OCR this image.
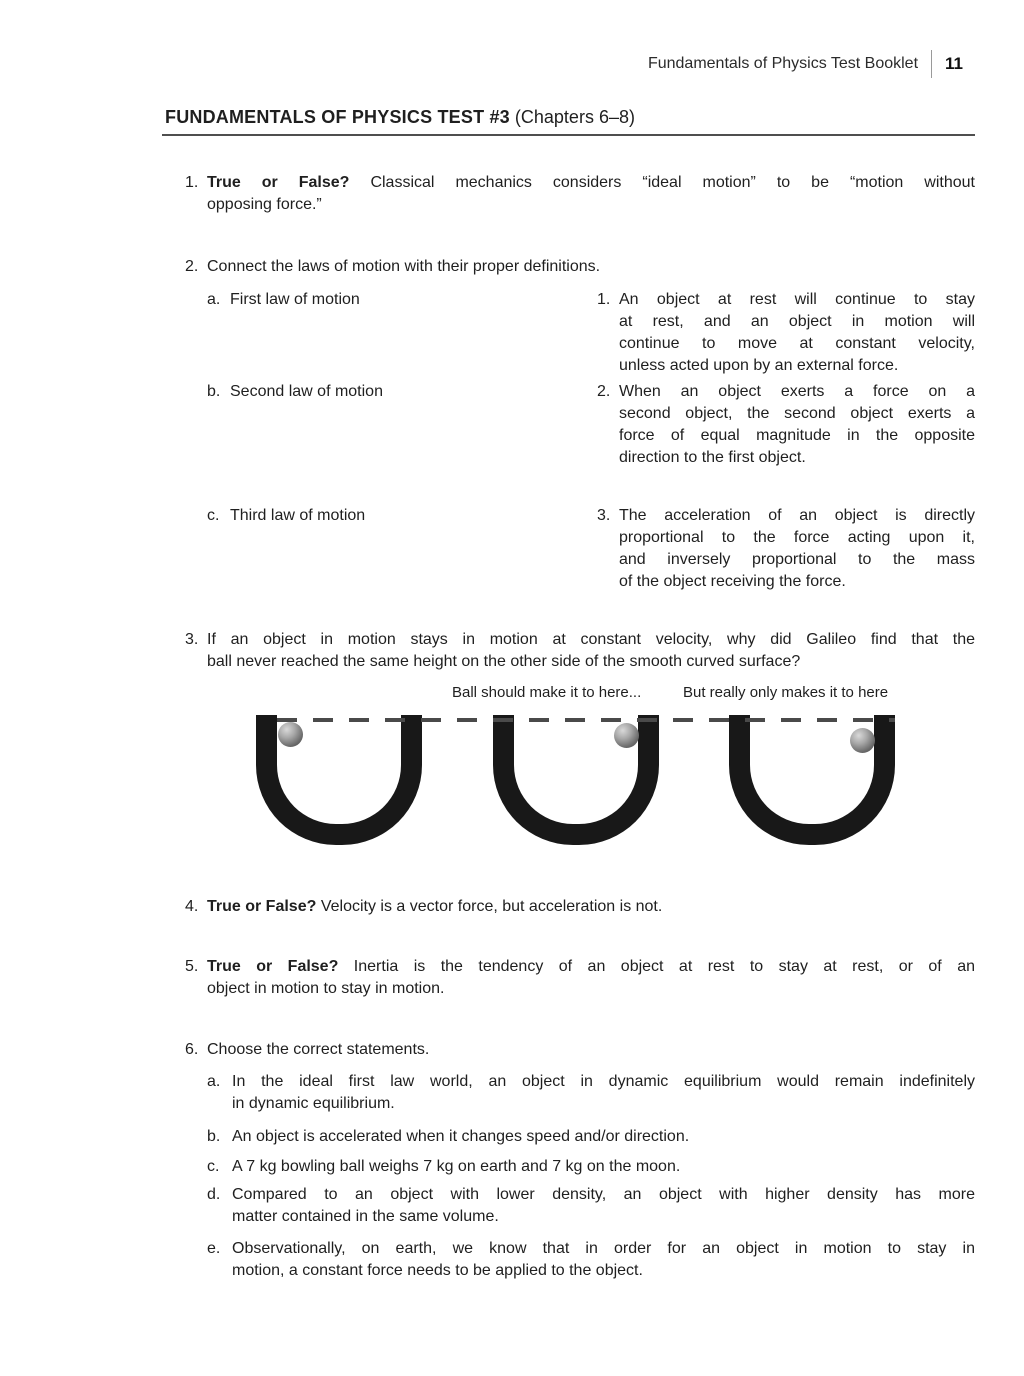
Fundamentals of Physics Test Booklet 11
FUNDAMENTALS OF PHYSICS TEST #3 (Chapters 6–8)
1. True or False? Classical mechanics considers “ideal motion” to be “motion without
opposing force.”
2. Connect the laws of motion with their proper definitions.
a. First law of motion	1. An object at rest will continue to stay
at rest, and an object in motion will
continue to move at constant velocity,
unless acted upon by an external force.
b. Second law of motion	2. When an object exerts a force on a
second object, the second object exerts a
force of equal magnitude in the opposite
direction to the first object.
c. Third law of motion	3. The acceleration of an object is directly
proportional to the force acting upon it,
and inversely proportional to the mass
of the object receiving the force.
3. If an object in motion stays in motion at constant velocity, why did Galileo find that the
ball never reached the same height on the other side of the smooth curved surface?
Ball should make it to here...	But really only makes it to here
4. True or False? Velocity is a vector force, but acceleration is not.
5. True or False? Inertia is the tendency of an object at rest to stay at rest, or of an
object in motion to stay in motion.
6. Choose the correct statements.
a. In the ideal first law world, an object in dynamic equilibrium would remain indefinitely
in dynamic equilibrium.
b. An object is accelerated when it changes speed and/or direction.
c. A 7 kg bowling ball weighs 7 kg on earth and 7 kg on the moon.
d. Compared to an object with lower density, an object with higher density has more
matter contained in the same volume.
e. Observationally, on earth, we know that in order for an object in motion to stay in
motion, a constant force needs to be applied to the object.
